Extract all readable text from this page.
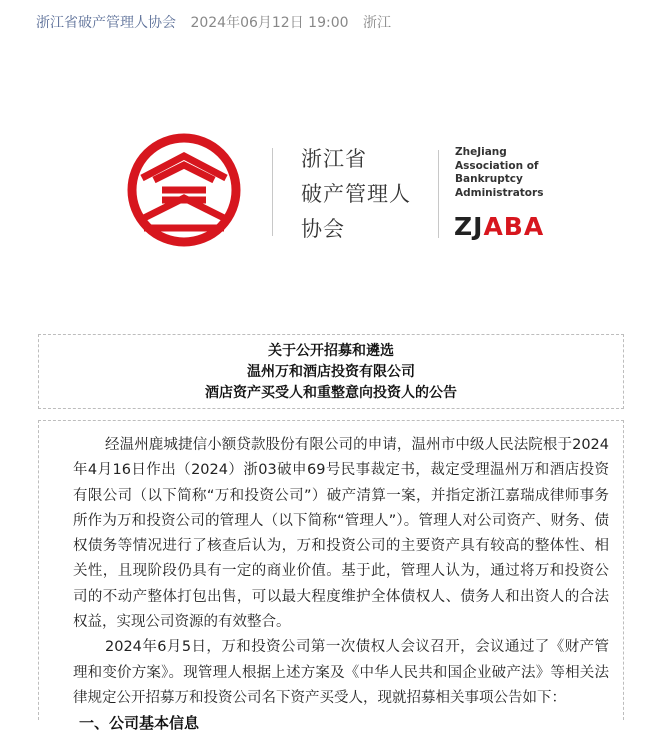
浙江省破产管理人协会 2024年06月12日 19:00 浙江
浙江省
破产管理人
协会
ZheJiang
Association of
Bankruptcy
Administrators
ZJABA
关于公开招募和遴选
温州万和酒店投资有限公司
酒店资产买受人和重整意向投资人的公告

经温州鹿城捷信小额贷款股份有限公司的申请，温州市中级人民法院根于2024年4月16日作出（2024）浙03破申69号民事裁定书，裁定受理温州万和酒店投资有限公司（以下简称“万和投资公司”）破产清算一案，并指定浙江嘉瑞成律师事务所作为万和投资公司的管理人（以下简称“管理人”）。管理人对公司资产、财务、债权债务等情况进行了核查后认为，万和投资公司的主要资产具有较高的整体性、相关性，且现阶段仍具有一定的商业价值。基于此，管理人认为，通过将万和投资公司的不动产整体打包出售，可以最大程度维护全体债权人、债务人和出资人的合法权益，实现公司资源的有效整合。

2024年6月5日，万和投资公司第一次债权人会议召开，会议通过了《财产管理和变价方案》。现管理人根据上述方案及《中华人民共和国企业破产法》等相关法律规定公开招募万和投资公司名下资产买受人，现就招募相关事项公告如下：

一、公司基本信息
